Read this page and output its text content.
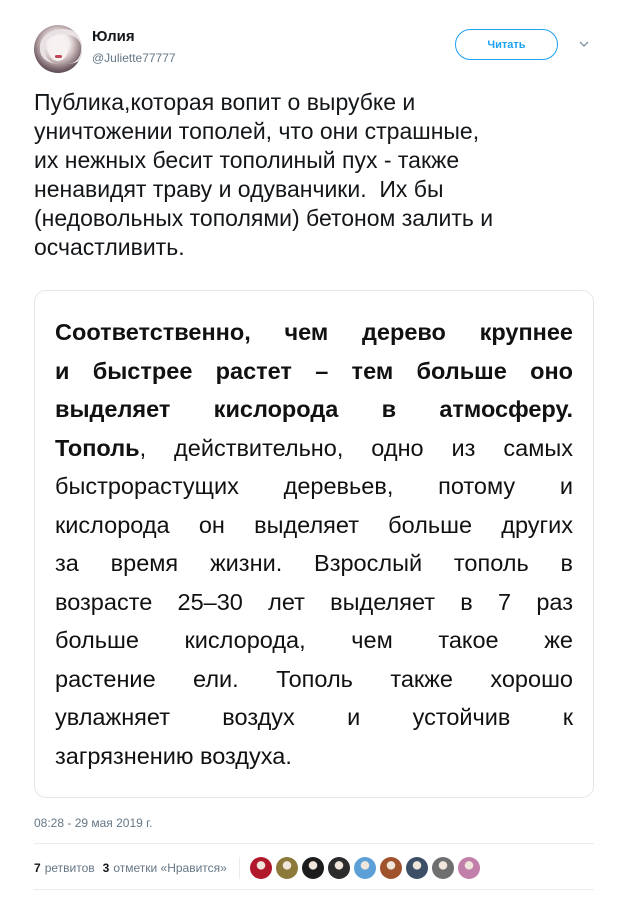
Юлия
@Juliette77777
Читать
Публика,которая вопит о вырубке и
уничтожении тополей, что они страшные,
их нежных бесит тополиный пух - также
ненавидят траву и одуванчики.  Их бы
(недовольных тополями) бетоном залить и
осчастливить.
Соответственно, чем дерево крупнее
и быстрее растет – тем больше оно
выделяет кислорода в атмосферу.
Тополь, действительно, одно из самых
быстрорастущих деревьев, потому и
кислорода он выделяет больше других
за время жизни. Взрослый тополь в
возрасте 25–30 лет выделяет в 7 раз
больше кислорода, чем такое же
растение ели. Тополь также хорошо
увлажняет воздух и устойчив к
загрязнению воздуха.
08:28 - 29 мая 2019 г.
7 ретвитов 3 отметки «Нравится»
